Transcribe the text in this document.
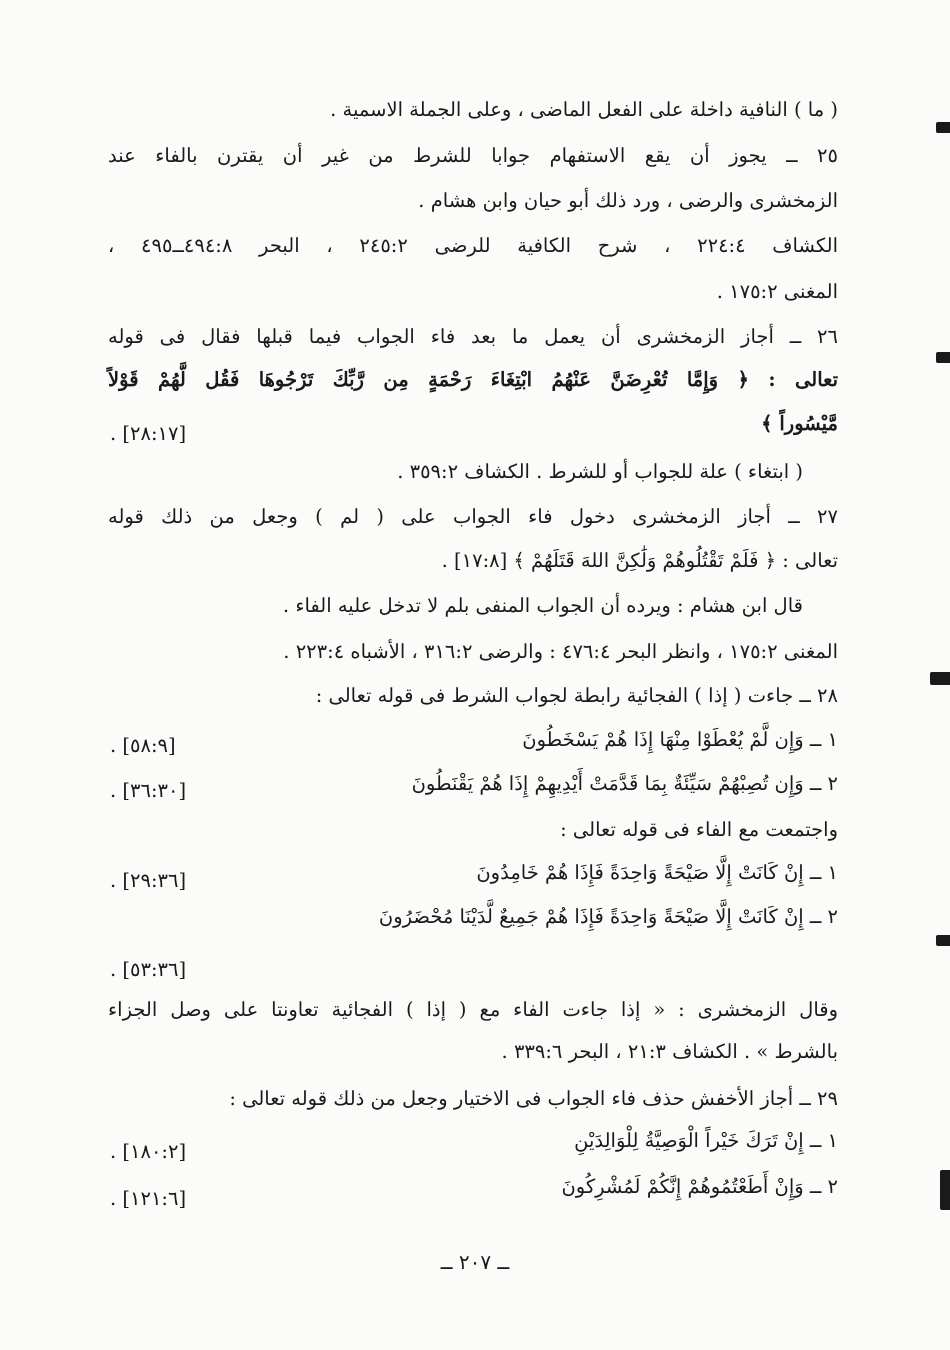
( ما ) النافية داخلة على الفعل الماضى ، وعلى الجملة الاسمية .
٢٥ ــ يجوز أن يقع الاستفهام جوابا للشرط من غير أن يقترن بالفاء عند
الزمخشرى والرضى ، ورد ذلك أبو حيان وابن هشام .
الكشاف ٢٢٤:٤ ، شرح الكافية للرضى ٢٤٥:٢ ، البحر ٤٩٤:٨ــ٤٩٥ ،
المغنى ١٧٥:٢ .
٢٦ ــ أجاز الزمخشرى أن يعمل ما بعد فاء الجواب فيما قبلها فقال فى قوله
تعالى : ﴿ وَإِمَّا تُعْرِضَنَّ عَنْهُمُ ابْتِغَاءَ رَحْمَةٍ مِن رَّبِّكَ تَرْجُوهَا فَقُل لَّهُمْ قَوْلاً
مَّيْسُوراً ﴾
. [٢٨:١٧]
( ابتغاء ) علة للجواب أو للشرط . الكشاف ٣٥٩:٢ .
٢٧ ــ أجاز الزمخشرى دخول فاء الجواب على ( لم ) وجعل من ذلك قوله
تعالى : ﴿ فَلَمْ تَقْتُلُوهُمْ وَلَٰكِنَّ اللهَ قَتَلَهُمْ ﴾ [١٧:٨] .
قال ابن هشام : ويرده أن الجواب المنفى بلم لا تدخل عليه الفاء .
المغنى ١٧٥:٢ ، وانظر البحر ٤٧٦:٤ : والرضى ٣١٦:٢ ، الأشباه ٢٢٣:٤ .
٢٨ ــ جاءت ( إذا ) الفجائية رابطة لجواب الشرط فى قوله تعالى :
١ ــ وَإِن لَّمْ يُعْطَوْا مِنْهَا إِذَا هُمْ يَسْخَطُونَ
. [٥٨:٩]
٢ ــ وَإِن تُصِبْهُمْ سَيِّئَةٌ بِمَا قَدَّمَتْ أَيْدِيهِمْ إِذَا هُمْ يَقْنَطُونَ
. [٣٦:٣٠]
واجتمعت مع الفاء فى قوله تعالى :
١ ــ إِنْ كَانَتْ إِلَّا صَيْحَةً وَاحِدَةً فَإِذَا هُمْ خَامِدُونَ
. [٢٩:٣٦]
٢ ــ إِنْ كَانَتْ إِلَّا صَيْحَةً وَاحِدَةً فَإِذَا هُمْ جَمِيعٌ لَّدَيْنَا مُحْضَرُونَ
. [٥٣:٣٦]
وقال الزمخشرى : « إذا جاءت الفاء مع ( إذا ) الفجائية تعاونتا على وصل الجزاء
بالشرط » . الكشاف ٢١:٣ ، البحر ٣٣٩:٦ .
٢٩ ــ أجاز الأخفش حذف فاء الجواب فى الاختيار وجعل من ذلك قوله تعالى :
١ ــ إِنْ تَرَكَ خَيْراً الْوَصِيَّةُ لِلْوَالِدَيْنِ
. [١٨٠:٢]
٢ ــ وَإِنْ أَطَعْتُمُوهُمْ إِنَّكُمْ لَمُشْرِكُونَ
. [١٢١:٦]
ــ ٢٠٧ ــ
